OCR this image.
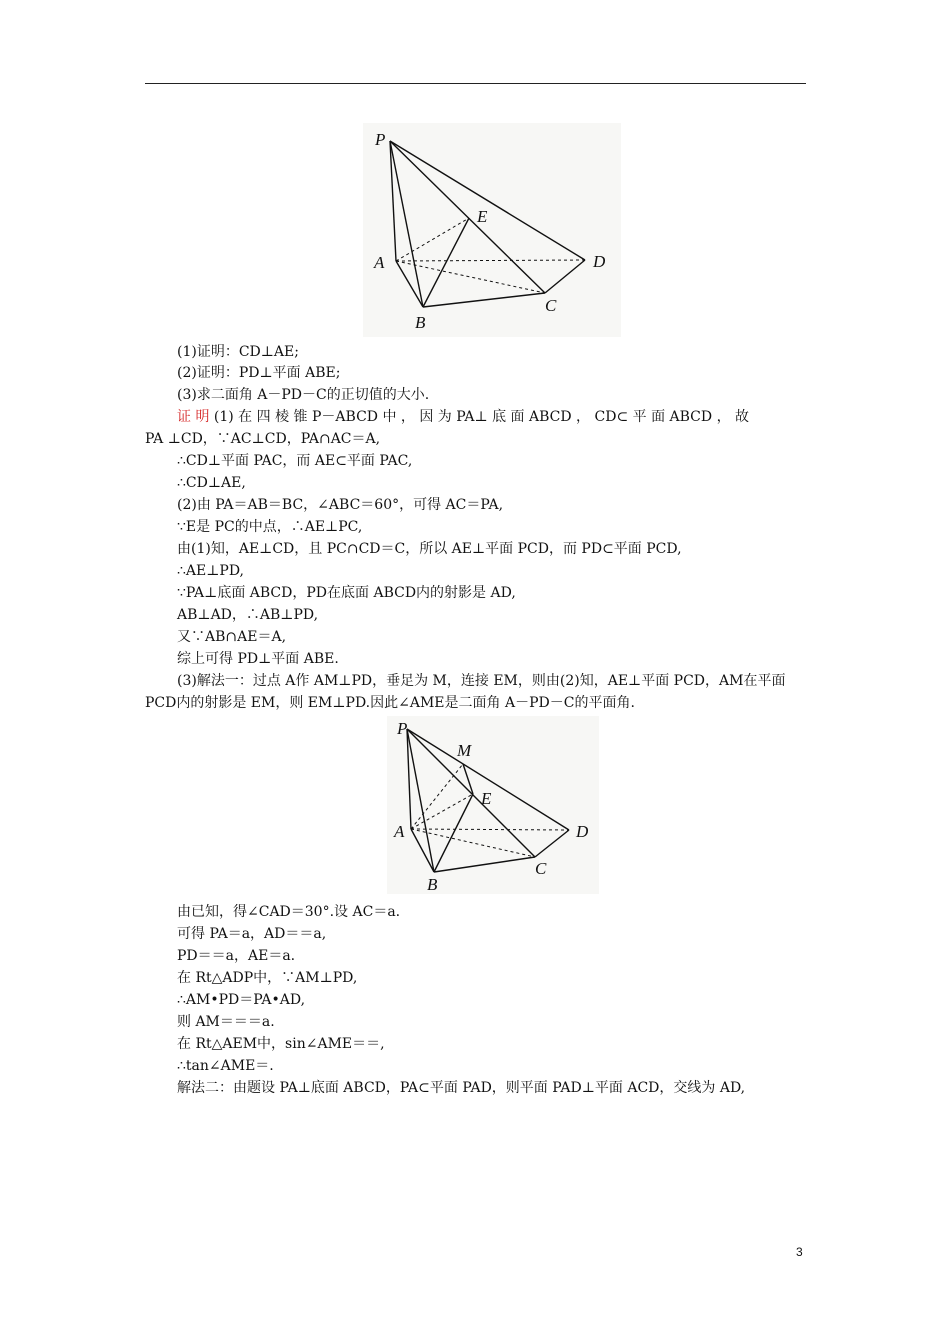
P
E
A	D
B
C
P
M
E
A	D
B
C
(1)证明：CD⊥AE;
(2)证明：PD⊥平面 ABE;
(3)求二面角 A－PD－C的正切值的大小.
证 明 (1) 在 四 棱 锥 P－ABCD 中 ， 因 为 PA⊥ 底 面 ABCD ， CD⊂ 平 面 ABCD ， 故
PA ⊥CD，∵AC⊥CD，PA∩AC＝A,
∴CD⊥平面 PAC，而 AE⊂平面 PAC,
∴CD⊥AE,
(2)由 PA＝AB＝BC，∠ABC＝60°，可得 AC＝PA,
∵E是 PC的中点，∴AE⊥PC,
由(1)知，AE⊥CD，且 PC∩CD＝C，所以 AE⊥平面 PCD，而 PD⊂平面 PCD,
∴AE⊥PD,
∵PA⊥底面 ABCD，PD在底面 ABCD内的射影是 AD,
AB⊥AD，∴AB⊥PD,
又∵AB∩AE＝A,
综上可得 PD⊥平面 ABE.
(3)解法一：过点 A作 AM⊥PD，垂足为 M，连接 EM，则由(2)知，AE⊥平面 PCD，AM在平面
PCD内的射影是 EM，则 EM⊥PD.因此∠AME是二面角 A－PD－C的平面角.
由已知，得∠CAD＝30°.设 AC＝a.
可得 PA＝a，AD＝＝a,
PD＝＝a，AE＝a.
在 Rt△ADP中，∵AM⊥PD,
∴AM•PD＝PA•AD,
则 AM＝＝＝a.
在 Rt△AEM中，sin∠AME＝＝,
∴tan∠AME＝.
解法二：由题设 PA⊥底面 ABCD，PA⊂平面 PAD，则平面 PAD⊥平面 ACD，交线为 AD,
3
